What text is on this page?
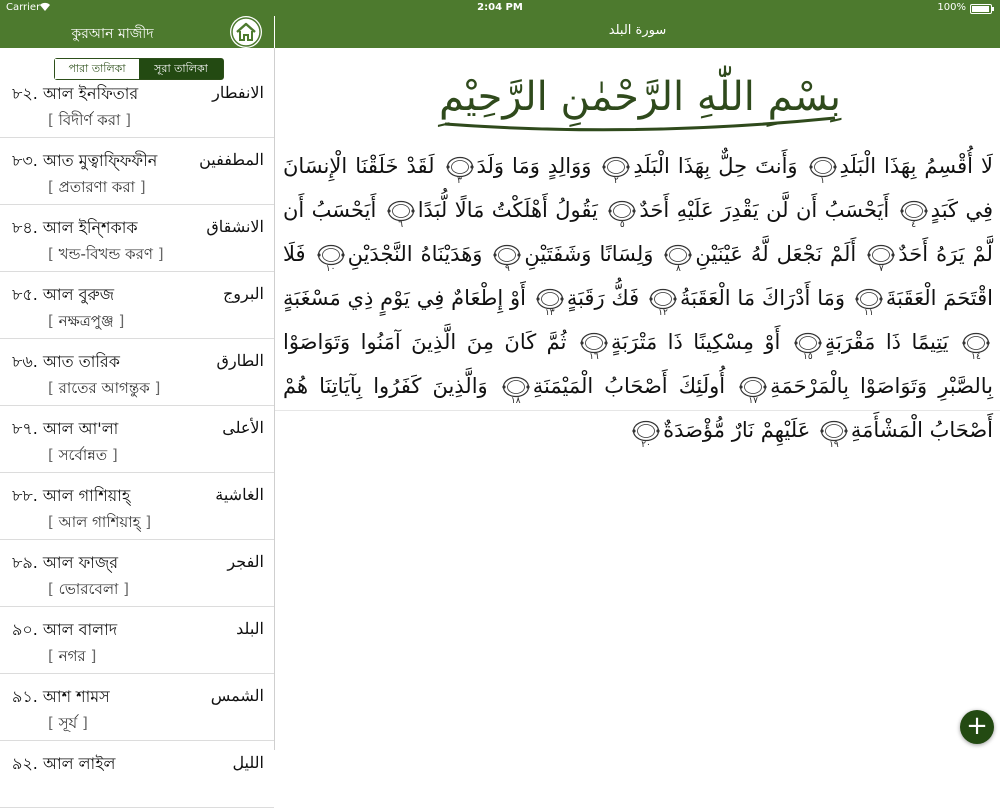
Carrier	2:04 PM	100%
কুরআন মাজীদ	سورة البلد
পারা তালিকা	সূরা তালিকা
৮২. আল ইনফিতার	الانفطار
[ বিদীর্ণ করা ]
৮৩. আত মুত্বাফ্ফিফীন	المطففين
[ প্রতারণা করা ]
৮৪. আল ইন্শিকাক	الانشقاق
[ খন্ড-বিখন্ড করণ ]
৮৫. আল বুরুজ	البروج
[ নক্ষত্রপুঞ্জ ]
৮৬. আত তারিক	الطارق
[ রাতের আগন্তুক ]
৮৭. আল আ'লা	الأعلى
[ সর্বোন্নত ]
৮৮. আল গাশিয়াহ্	الغاشية
[ আল গাশিয়াহ্ ]
৮৯. আল ফাজ্‌র	الفجر
[ ভোরবেলা ]
৯০. আল বালাদ	البلد
[ নগর ]
৯১. আশ শামস	الشمس
[ সূর্য ]
৯২. আল লাইল	الليل
بِسْمِ اللّٰهِ الرَّحْمٰنِ الرَّحِيْمِ
لَا أُقْسِمُ بِهَذَا الْبَلَدِ
١
وَأَنتَ حِلٌّ بِهَذَا الْبَلَدِ
٢
وَوَالِدٍ وَمَا وَلَدَ
٣
لَقَدْ خَلَقْنَا الْإِنسَانَ فِي كَبَدٍ
٤
أَيَحْسَبُ أَن لَّن يَقْدِرَ عَلَيْهِ أَحَدٌ
٥
يَقُولُ أَهْلَكْتُ مَالًا لُّبَدًا
٦
أَيَحْسَبُ أَن لَّمْ يَرَهُ أَحَدٌ
٧
أَلَمْ نَجْعَل لَّهُ عَيْنَيْنِ
٨
وَلِسَانًا وَشَفَتَيْنِ
٩
وَهَدَيْنَاهُ النَّجْدَيْنِ
١٠
فَلَا اقْتَحَمَ الْعَقَبَةَ
١١
وَمَا أَدْرَاكَ مَا الْعَقَبَةُ
١٢
فَكُّ رَقَبَةٍ
١٣
أَوْ إِطْعَامٌ فِي يَوْمٍ ذِي مَسْغَبَةٍ
١٤
يَتِيمًا ذَا مَقْرَبَةٍ
١٥
أَوْ مِسْكِينًا ذَا مَتْرَبَةٍ
١٦
ثُمَّ كَانَ مِنَ الَّذِينَ آمَنُوا وَتَوَاصَوْا بِالصَّبْرِ وَتَوَاصَوْا بِالْمَرْحَمَةِ
١٧
أُولَئِكَ أَصْحَابُ الْمَيْمَنَةِ
١٨
وَالَّذِينَ كَفَرُوا بِآيَاتِنَا هُمْ أَصْحَابُ الْمَشْأَمَةِ
١٩
عَلَيْهِمْ نَارٌ مُّؤْصَدَةٌ
٢٠
+
